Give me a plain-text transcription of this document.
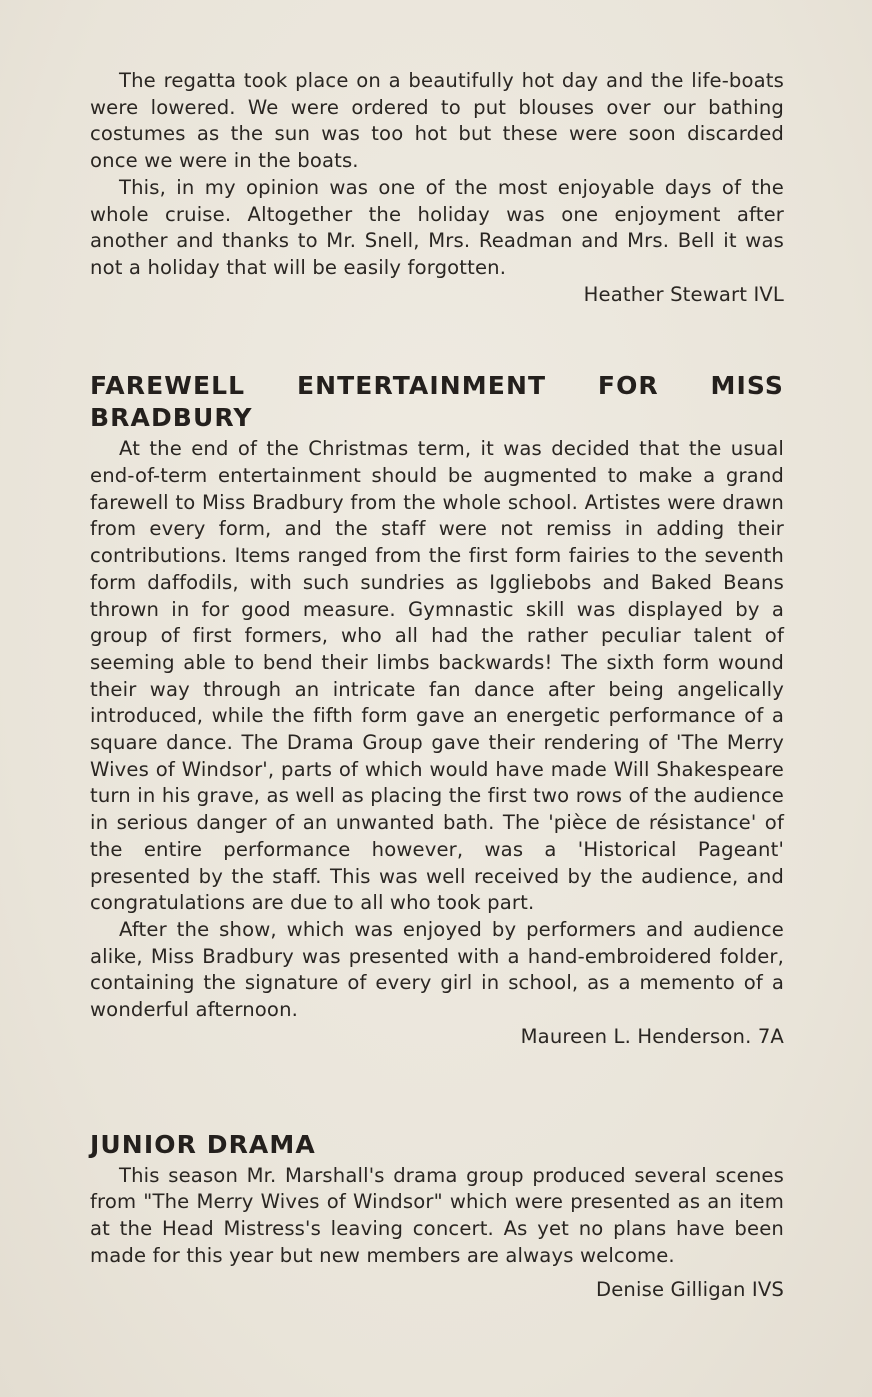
The regatta took place on a beautifully hot day and the life-boats were lowered. We were ordered to put blouses over our bathing costumes as the sun was too hot but these were soon discarded once we were in the boats.

This, in my opinion was one of the most enjoyable days of the whole cruise. Altogether the holiday was one enjoyment after another and thanks to Mr. Snell, Mrs. Readman and Mrs. Bell it was not a holiday that will be easily forgotten.

Heather Stewart IVL
FAREWELL ENTERTAINMENT FOR MISS
BRADBURY

At the end of the Christmas term, it was decided that the usual end-of-term entertainment should be augmented to make a grand farewell to Miss Bradbury from the whole school. Artistes were drawn from every form, and the staff were not remiss in adding their contributions. Items ranged from the first form fairies to the seventh form daffodils, with such sundries as Iggliebobs and Baked Beans thrown in for good measure. Gymnastic skill was displayed by a group of first formers, who all had the rather peculiar talent of seeming able to bend their limbs backwards! The sixth form wound their way through an intricate fan dance after being angelically introduced, while the fifth form gave an energetic performance of a square dance. The Drama Group gave their rendering of 'The Merry Wives of Windsor', parts of which would have made Will Shakespeare turn in his grave, as well as placing the first two rows of the audience in serious danger of an unwanted bath. The 'pièce de résistance' of the entire performance however, was a 'Historical Pageant' presented by the staff. This was well received by the audience, and congratulations are due to all who took part.

After the show, which was enjoyed by performers and audience alike, Miss Bradbury was presented with a hand-embroidered folder, containing the signature of every girl in school, as a memento of a wonderful afternoon.

Maureen L. Henderson. 7A
JUNIOR DRAMA

This season Mr. Marshall's drama group produced several scenes from "The Merry Wives of Windsor" which were presented as an item at the Head Mistress's leaving concert. As yet no plans have been made for this year but new members are always welcome.

Denise Gilligan IVS
